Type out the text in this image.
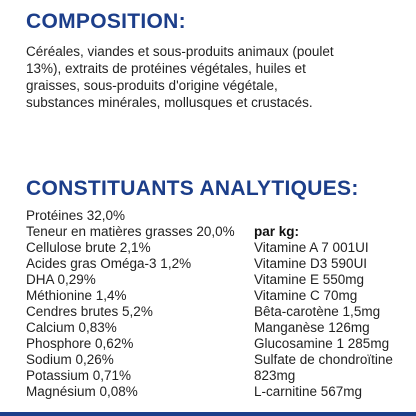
COMPOSITION:
Céréales, viandes et sous-produits animaux (poulet
13%), extraits de protéines végétales, huiles et
graisses, sous-produits d'origine végétale,
substances minérales, mollusques et crustacés.
CONSTITUANTS ANALYTIQUES:
Protéines 32,0%
Teneur en matières grasses 20,0%
Cellulose brute 2,1%
Acides gras Oméga-3 1,2%
DHA 0,29%
Méthionine 1,4%
Cendres brutes 5,2%
Calcium 0,83%
Phosphore 0,62%
Sodium 0,26%
Potassium 0,71%
Magnésium 0,08%
par kg:
Vitamine A 7 001UI
Vitamine D3 590UI
Vitamine E 550mg
Vitamine C 70mg
Bêta-carotène 1,5mg
Manganèse 126mg
Glucosamine 1 285mg
Sulfate de chondroïtine
823mg
L-carnitine 567mg
